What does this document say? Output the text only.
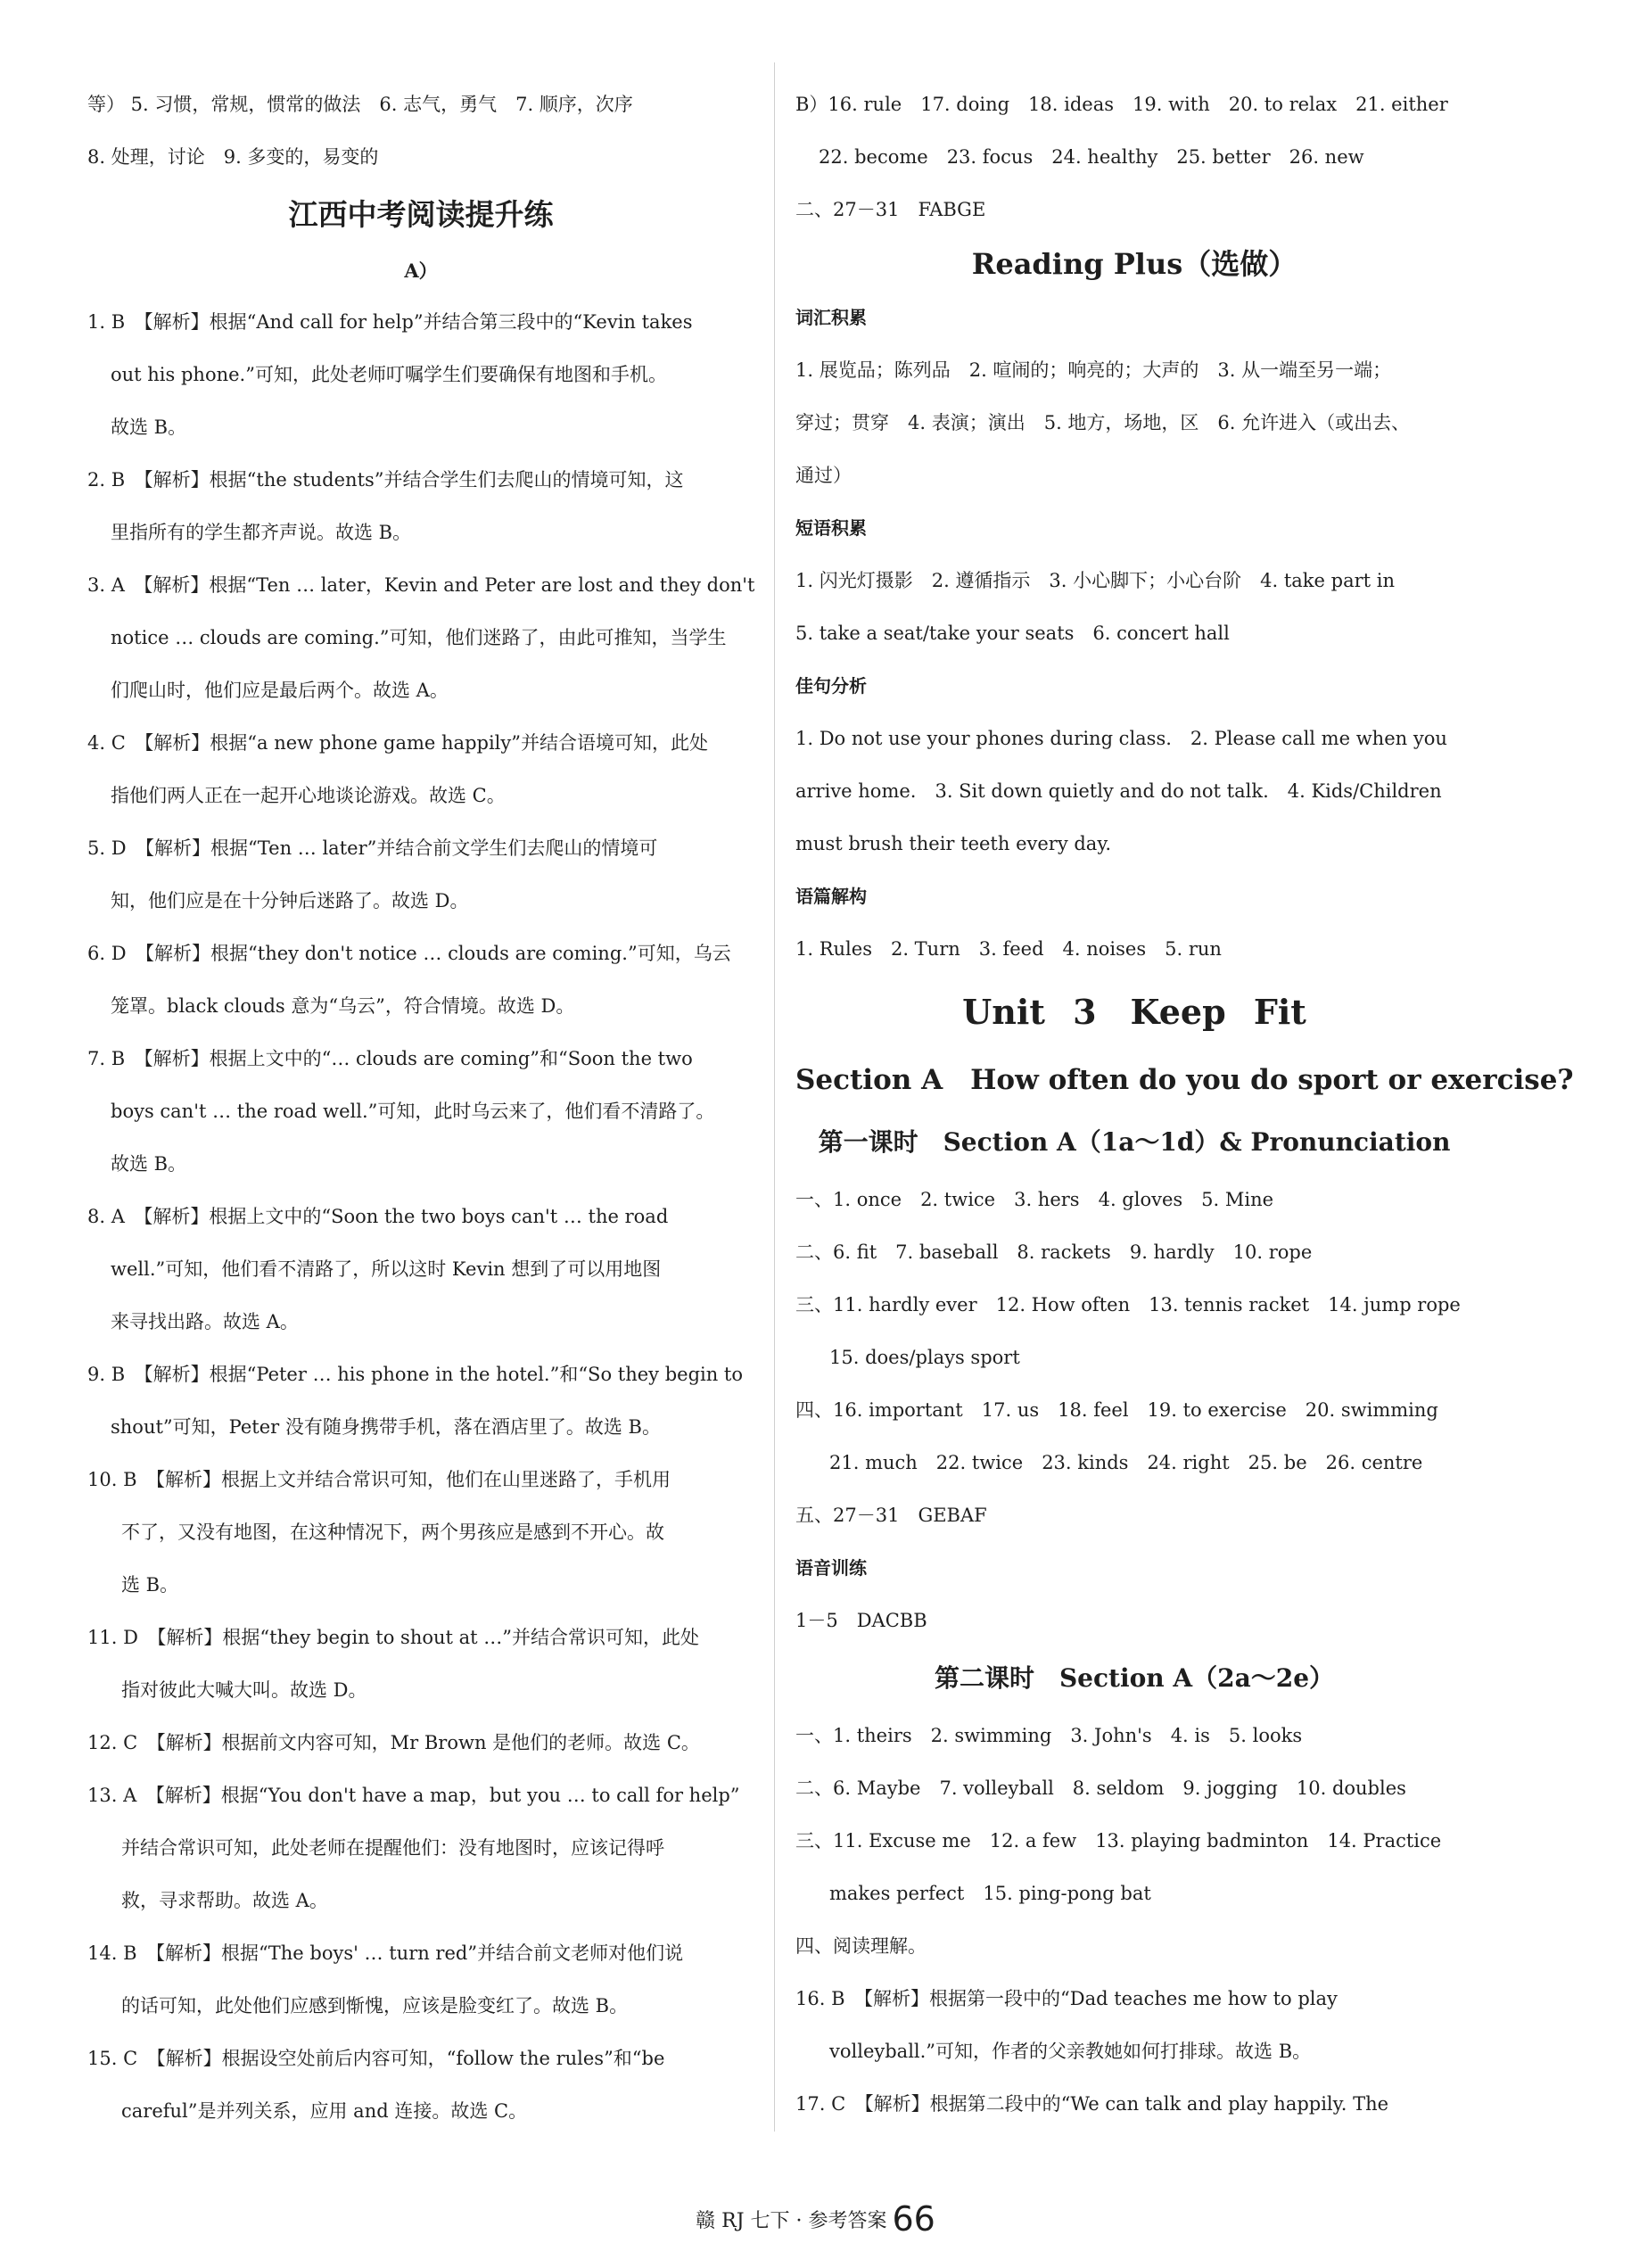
等） 5. 习惯，常规，惯常的做法　6. 志气，勇气　7. 顺序，次序
8. 处理，讨论　9. 多变的，易变的
江西中考阅读提升练
A）
1. B　【解析】根据“And call for help”并结合第三段中的“Kevin takes
out his phone.”可知，此处老师叮嘱学生们要确保有地图和手机。
故选 B。
2. B　【解析】根据“the students”并结合学生们去爬山的情境可知，这
里指所有的学生都齐声说。故选 B。
3. A　【解析】根据“Ten … later，Kevin and Peter are lost and they don't
notice … clouds are coming.”可知，他们迷路了，由此可推知，当学生
们爬山时，他们应是最后两个。故选 A。
4. C　【解析】根据“a new phone game happily”并结合语境可知，此处
指他们两人正在一起开心地谈论游戏。故选 C。
5. D　【解析】根据“Ten … later”并结合前文学生们去爬山的情境可
知，他们应是在十分钟后迷路了。故选 D。
6. D　【解析】根据“they don't notice … clouds are coming.”可知，乌云
笼罩。black clouds 意为“乌云”，符合情境。故选 D。
7. B　【解析】根据上文中的“… clouds are coming”和“Soon the two
boys can't … the road well.”可知，此时乌云来了，他们看不清路了。
故选 B。
8. A　【解析】根据上文中的“Soon the two boys can't … the road
well.”可知，他们看不清路了，所以这时 Kevin 想到了可以用地图
来寻找出路。故选 A。
9. B　【解析】根据“Peter … his phone in the hotel.”和“So they begin to
shout”可知，Peter 没有随身携带手机，落在酒店里了。故选 B。
10. B　【解析】根据上文并结合常识可知，他们在山里迷路了，手机用
不了，又没有地图，在这种情况下，两个男孩应是感到不开心。故
选 B。
11. D　【解析】根据“they begin to shout at …”并结合常识可知，此处
指对彼此大喊大叫。故选 D。
12. C　【解析】根据前文内容可知，Mr Brown 是他们的老师。故选 C。
13. A　【解析】根据“You don't have a map，but you … to call for help”
并结合常识可知，此处老师在提醒他们：没有地图时，应该记得呼
救，寻求帮助。故选 A。
14. B　【解析】根据“The boys' … turn red”并结合前文老师对他们说
的话可知，此处他们应感到惭愧，应该是脸变红了。故选 B。
15. C　【解析】根据设空处前后内容可知，“follow the rules”和“be
careful”是并列关系，应用 and 连接。故选 C。
B）16. rule　17. doing　18. ideas　19. with　20. to relax　21. either
22. become　23. focus　24. healthy　25. better　26. new
二、27－31　FABGE
Reading Plus（选做）
词汇积累
1. 展览品；陈列品　2. 喧闹的；响亮的；大声的　3. 从一端至另一端；
穿过；贯穿　4. 表演；演出　5. 地方，场地，区　6. 允许进入（或出去、
通过）
短语积累
1. 闪光灯摄影　2. 遵循指示　3. 小心脚下；小心台阶　4. take part in
5. take a seat/take your seats　6. concert hall
佳句分析
1. Do not use your phones during class.　2. Please call me when you
arrive home.　3. Sit down quietly and do not talk.　4. Kids/Children
must brush their teeth every day.
语篇解构
1. Rules　2. Turn　3. feed　4. noises　5. run
Unit 3　Keep Fit
Section A　How often do you do sport or exercise?
第一课时　Section A（1a～1d）& Pronunciation
一、1. once　2. twice　3. hers　4. gloves　5. Mine
二、6. fit　7. baseball　8. rackets　9. hardly　10. rope
三、11. hardly ever　12. How often　13. tennis racket　14. jump rope
15. does/plays sport
四、16. important　17. us　18. feel　19. to exercise　20. swimming
21. much　22. twice　23. kinds　24. right　25. be　26. centre
五、27－31　GEBAF
语音训练
1－5　DACBB
第二课时　Section A（2a～2e）
一、1. theirs　2. swimming　3. John's　4. is　5. looks
二、6. Maybe　7. volleyball　8. seldom　9. jogging　10. doubles
三、11. Excuse me　12. a few　13. playing badminton　14. Practice
makes perfect　15. ping-pong bat
四、阅读理解。
16. B　【解析】根据第一段中的“Dad teaches me how to play
volleyball.”可知，作者的父亲教她如何打排球。故选 B。
17. C　【解析】根据第二段中的“We can talk and play happily. The
赣 RJ 七下 · 参考答案 66
